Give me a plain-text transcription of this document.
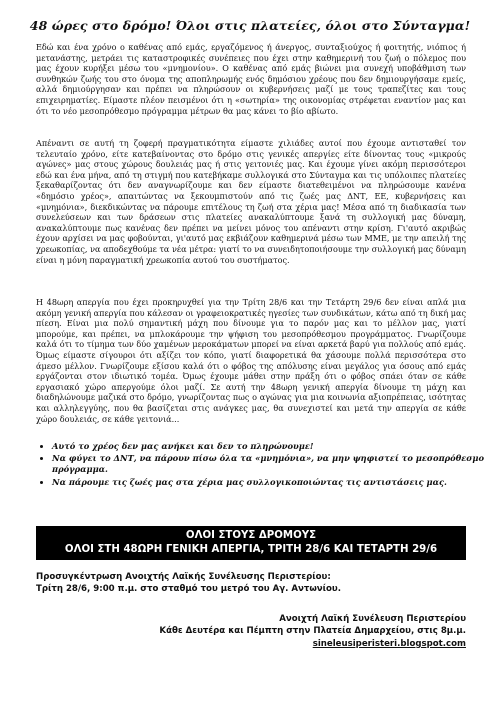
48 ώρες στο δρόμο! Όλοι στις πλατείες, όλοι στο Σύνταγμα!
Εδώ και ένα χρόνο ο καθένας από εμάς, εργαζόμενος ή άνεργος, συνταξιούχος ή φοιτητής, νιόπιος ή μετανάστης, μετράει τις καταστροφικές συνέπειες που έχει στην καθημερινή του ζωή ο πόλεμος που μας έχουν κυρήξει μέσω του «μνημονίου». Ο καθένας από εμάς βιώνει μια συνεχή υποβάθμιση των συνθηκών ζωής του στο όνομα της αποπληρωμής ενός δημόσιου χρέους που δεν δημιουργήσαμε εμείς, αλλά δημιούργησαν και πρέπει να πληρώσουν οι κυβερνήσεις μαζί με τους τραπεζίτες και τους επιχειρηματίες. Είμαστε πλέον πεισμένοι ότι η «σωτηρία» της οικονομίας στρέφεται εναντίον μας και ότι το νέο μεσοπρόθεσμο πρόγραμμα μέτρων θα μας κάνει το βίο αβίωτο.
Απέναντι σε αυτή τη ζοφερή πραγματικότητα είμαστε χιλιάδες αυτοί που έχουμε αντισταθεί τον τελευταίο χρόνο, είτε κατεβαίνοντας στο δρόμο στις γενικές απεργίες είτε δίνοντας τους «μικρούς αγώνες» μας στους χώρους δουλειάς μας ή στις γειτονιές μας. Και έχουμε γίνει ακόμη περισσότεροι εδώ και ένα μήνα, από τη στιγμή που κατεβήκαμε συλλογικά στο Σύνταγμα και τις υπόλοιπες πλατείες ξεκαθαρίζοντας ότι δεν αναγνωρίζουμε και δεν είμαστε διατεθειμένοι να πληρώσουμε κανένα «δημόσιο χρέος», απαιτώντας να ξεκουμπιστούν από τις ζωές μας ΔΝΤ, ΕΕ, κυβερνήσεις και «μνημόνια», διεκδικώντας να πάρουμε επιτέλους τη ζωή στα χέρια μας! Μέσα από τη διαδικασία των συνελεύσεων και των δράσεων στις πλατείες ανακαλύπτουμε ξανά τη συλλογική μας δύναμη, ανακαλύπτουμε πως κανένας δεν πρέπει να μείνει μόνος του απέναντι στην κρίση. Γι'αυτό ακριβώς έχουν αρχίσει να μας φοβούνται, γι'αυτό μας εκβιάζουν καθημερινά μέσω των ΜΜΕ, με την απειλή της χρεωκοπίας, να αποδεχθούμε τα νέα μέτρα: γιατί το να συνειδητοποιήσουμε την συλλογική μας δύναμη είναι η μόνη παραγματική χρεωκοπία αυτού του συστήματος.
Η 48ωρη απεργία που έχει προκηρυχθεί για την Τρίτη 28/6 και την Τετάρτη 29/6 δεν είναι απλά μια ακόμη γενική απεργία που κάλεσαν οι γραφειοκρατικές ηγεσίες των συνδικάτων, κάτω από τη δική μας πίεση. Είναι μια πολύ σημαντική μάχη που δίνουμε για το παρόν μας και το μέλλον μας, γιατί μπορούμε, και πρέπει, να μπλοκάρουμε την ψήφιση του μεσοπρόθεσμου προγράμματος. Γνωρίζουμε καλά ότι το τίμημα των δύο χαμένων μεροκάματων μπορεί να είναι αρκετά βαρύ για πολλούς από εμάς. Όμως είμαστε σίγουροι ότι αξίζει τον κόπο, γιατί διαφορετικά θα χάσουμε πολλά περισσότερα στο άμεσο μέλλον. Γνωρίζουμε εξίσου καλά ότι ο φόβος της απόλυσης είναι μεγάλος για όσους από εμάς εργάζονται στον ιδιωτικό τομέα. Όμως έχουμε μάθει στην πράξη ότι ο φόβος σπάει όταν σε κάθε εργασιακό χώρο απεργούμε όλοι μαζί. Σε αυτή την 48ωρη γενική απεργία δίνουμε τη μάχη και διαδηλώνουμε μαζικά στο δρόμο, γνωρίζοντας πως ο αγώνας για μια κοινωνία αξιοπρέπειας, ισότητας και αλληλεγγύης, που θα βασίζεται στις ανάγκες μας, θα συνεχιστεί και μετά την απεργία σε κάθε χώρο δουλειάς, σε κάθε γειτονιά...
• Αυτό το χρέος δεν μας ανήκει και δεν το πληρώνουμε!
• Να φύγει το ΔΝΤ, να πάρουν πίσω όλα τα «μνημόνια», να μην ψηφιστεί το μεσοπρόθεσμο πρόγραμμα.
• Να πάρουμε τις ζωές μας στα χέρια μας συλλογικοποιώντας τις αντιστάσεις μας.
ΟΛΟΙ ΣΤΟΥΣ ΔΡΟΜΟΥΣ
ΟΛΟΙ ΣΤΗ 48ΩΡΗ ΓΕΝΙΚΗ ΑΠΕΡΓΙΑ, ΤΡΙΤΗ 28/6 ΚΑΙ ΤΕΤΑΡΤΗ 29/6
Προσυγκέντρωση Ανοιχτής Λαϊκής Συνέλευσης Περιστερίου:
Τρίτη 28/6, 9:00 π.μ. στο σταθμό του μετρό του Αγ. Αντωνίου.
Ανοιχτή Λαϊκή Συνέλευση Περιστερίου
Κάθε Δευτέρα και Πέμπτη στην Πλατεία Δημαρχείου, στις 8μ.μ.
sineleusiperisteri.blogspot.com
